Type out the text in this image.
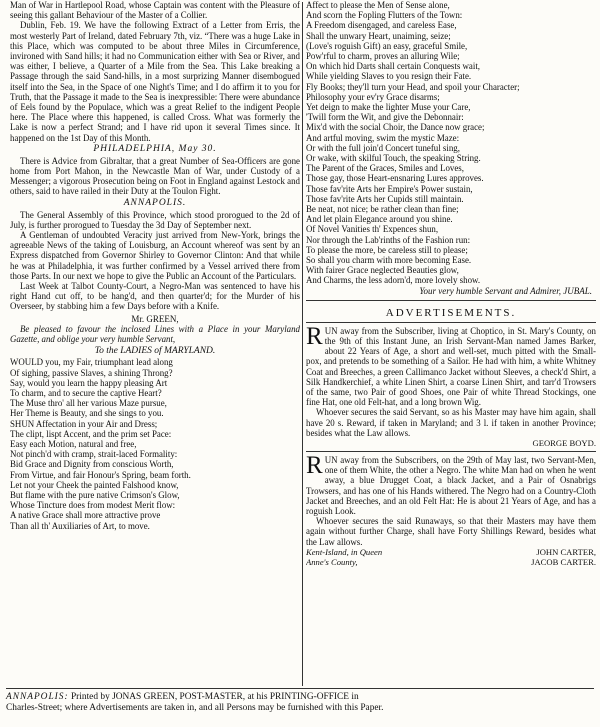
Man of War in Hartlepool Road, whose Captain was content with the Pleasure of seeing this gallant Behaviour of the Master of a Collier.

Dublin, Feb. 19. We have the following Extract of a Letter from Erris, the most westerly Part of Ireland, dated February 7th, viz. “There was a huge Lake in this Place, which was computed to be about three Miles in Circumference, invironed with Sand hills; it had no Communication either with Sea or River, and was either, I believe, a Quarter of a Mile from the Sea. This Lake breaking a Passage through the said Sand-hills, in a most surprizing Manner disembogued itself into the Sea, in the Space of one Night's Time; and I do affirm it to you for Truth, that the Passage it made to the Sea is inexpressible: There were abundance of Eels found by the Populace, which was a great Relief to the indigent People here. The Place where this happened, is called Cross. What was formerly the Lake is now a perfect Strand; and I have rid upon it several Times since. It happened on the 1st Day of this Month.

PHILADELPHIA, May 30.

There is Advice from Gibraltar, that a great Number of Sea-Officers are gone home from Port Mahon, in the Newcastle Man of War, under Custody of a Messenger; a vigorous Prosecution being on Foot in England against Lestock and others, said to have railed in their Duty at the Toulon Fight.

ANNAPOLIS.

The General Assembly of this Province, which stood prorogued to the 2d of July, is further prorogued to Tuesday the 3d Day of September next.

A Gentleman of undoubted Veracity just arrived from New-York, brings the agreeable News of the taking of Louisburg, an Account whereof was sent by an Express dispatched from Governor Shirley to Governor Clinton: And that while he was at Philadelphia, it was further confirmed by a Vessel arrived there from those Parts. In our next we hope to give the Public an Account of the Particulars.

Last Week at Talbot County-Court, a Negro-Man was sentenced to have his right Hand cut off, to be hang'd, and then quarter'd; for the Murder of his Overseer, by stabbing him a few Days before with a Knife.

Mr. GREEN,

Be pleased to favour the inclosed Lines with a Place in your Maryland Gazette, and oblige your very humble Servant,

To the LADIES of MARYLAND.
WOULD you, my Fair, triumphant lead along
Of sighing, passive Slaves, a shining Throng?
Say, would you learn the happy pleasing Art
To charm, and to secure the captive Heart?
The Muse thro' all her various Maze pursue,
Her Theme is Beauty, and she sings to you.
SHUN Affectation in your Air and Dress;
The clipt, lispt Accent, and the prim set Pace:
Easy each Motion, natural and free,
Not pinch'd with cramp, strait-laced Formality:
Bid Grace and Dignity from conscious Worth,
From Virtue, and fair Honour's Spring, beam forth.
Let not your Cheek the painted Falshood know,
But flame with the pure native Crimson's Glow,
Whose Tincture does from modest Merit flow:
A native Grace shall more attractive prove
Than all th' Auxiliaries of Art, to move.
Affect to please the Men of Sense alone,
And scorn the Fopling Flutters of the Town:
A Freedom disengaged, and careless Ease,
Shall the unwary Heart, unaiming, seize;
(Love's roguish Gift) an easy, graceful Smile,
Pow'rful to charm, proves an alluring Wile;
On which hid Darts shall certain Conquests wait,
While yielding Slaves to you resign their Fate.
Fly Books; they'll turn your Head, and spoil your Character;
Philosophy your ev'ry Grace disarms;
Yet deign to make the lighter Muse your Care,
'Twill form the Wit, and give the Debonnair:
Mix'd with the social Choir, the Dance now grace;
And artful moving, swim the mystic Maze:
Or with the full join'd Concert tuneful sing,
Or wake, with skilful Touch, the speaking String.
The Parent of the Graces, Smiles and Loves,
Those gay, those Heart-ensnaring Lures approves.
Those fav'rite Arts her Empire's Power sustain,
Those fav'rite Arts her Cupids still maintain.
Be neat, not nice; be rather clean than fine;
And let plain Elegance around you shine.
Of Novel Vanities th' Expences shun,
Nor through the Lab'rinths of the Fashion run:
To please the more, be careless still to please;
So shall you charm with more becoming Ease.
With fairer Grace neglected Beauties glow,
And Charms, the less adorn'd, more lovely show.
Your very humble Servant and Admirer, JUBAL.
ADVERTISEMENTS.

RUN away from the Subscriber, living at Choptico, in St. Mary's County, on the 9th of this Instant June, an Irish Servant-Man named James Barker, about 22 Years of Age, a short and well-set, much pitted with the Small-pox, and pretends to be something of a Sailor. He had with him, a white Whitney Coat and Breeches, a green Callimanco Jacket without Sleeves, a check'd Shirt, a Silk Handkerchief, a white Linen Shirt, a coarse Linen Shirt, and tarr'd Trowsers of the same, two Pair of good Shoes, one Pair of white Thread Stockings, one fine Hat, one old Felt-hat, and a long brown Wig.

Whoever secures the said Servant, so as his Master may have him again, shall have 20 s. Reward, if taken in Maryland; and 3 l. if taken in another Province; besides what the Law allows.

GEORGE BOYD.

RUN away from the Subscribers, on the 29th of May last, two Servant-Men, one of them White, the other a Negro. The white Man had on when he went away, a blue Drugget Coat, a black Jacket, and a Pair of Osnabrigs Trowsers, and has one of his Hands withered. The Negro had on a Country-Cloth Jacket and Breeches, and an old Felt Hat: He is about 21 Years of Age, and has a roguish Look.

Whoever secures the said Runaways, so that their Masters may have them again without further Charge, shall have Forty Shillings Reward, besides what the Law allows.

Kent-Island, in Queen	JOHN CARTER,
Anne's County,	JACOB CARTER.

ANNAPOLIS: Printed by JONAS GREEN, POST-MASTER, at his PRINTING-OFFICE in

Charles-Street; where Advertisements are taken in, and all Persons may be furnished with this Paper.
